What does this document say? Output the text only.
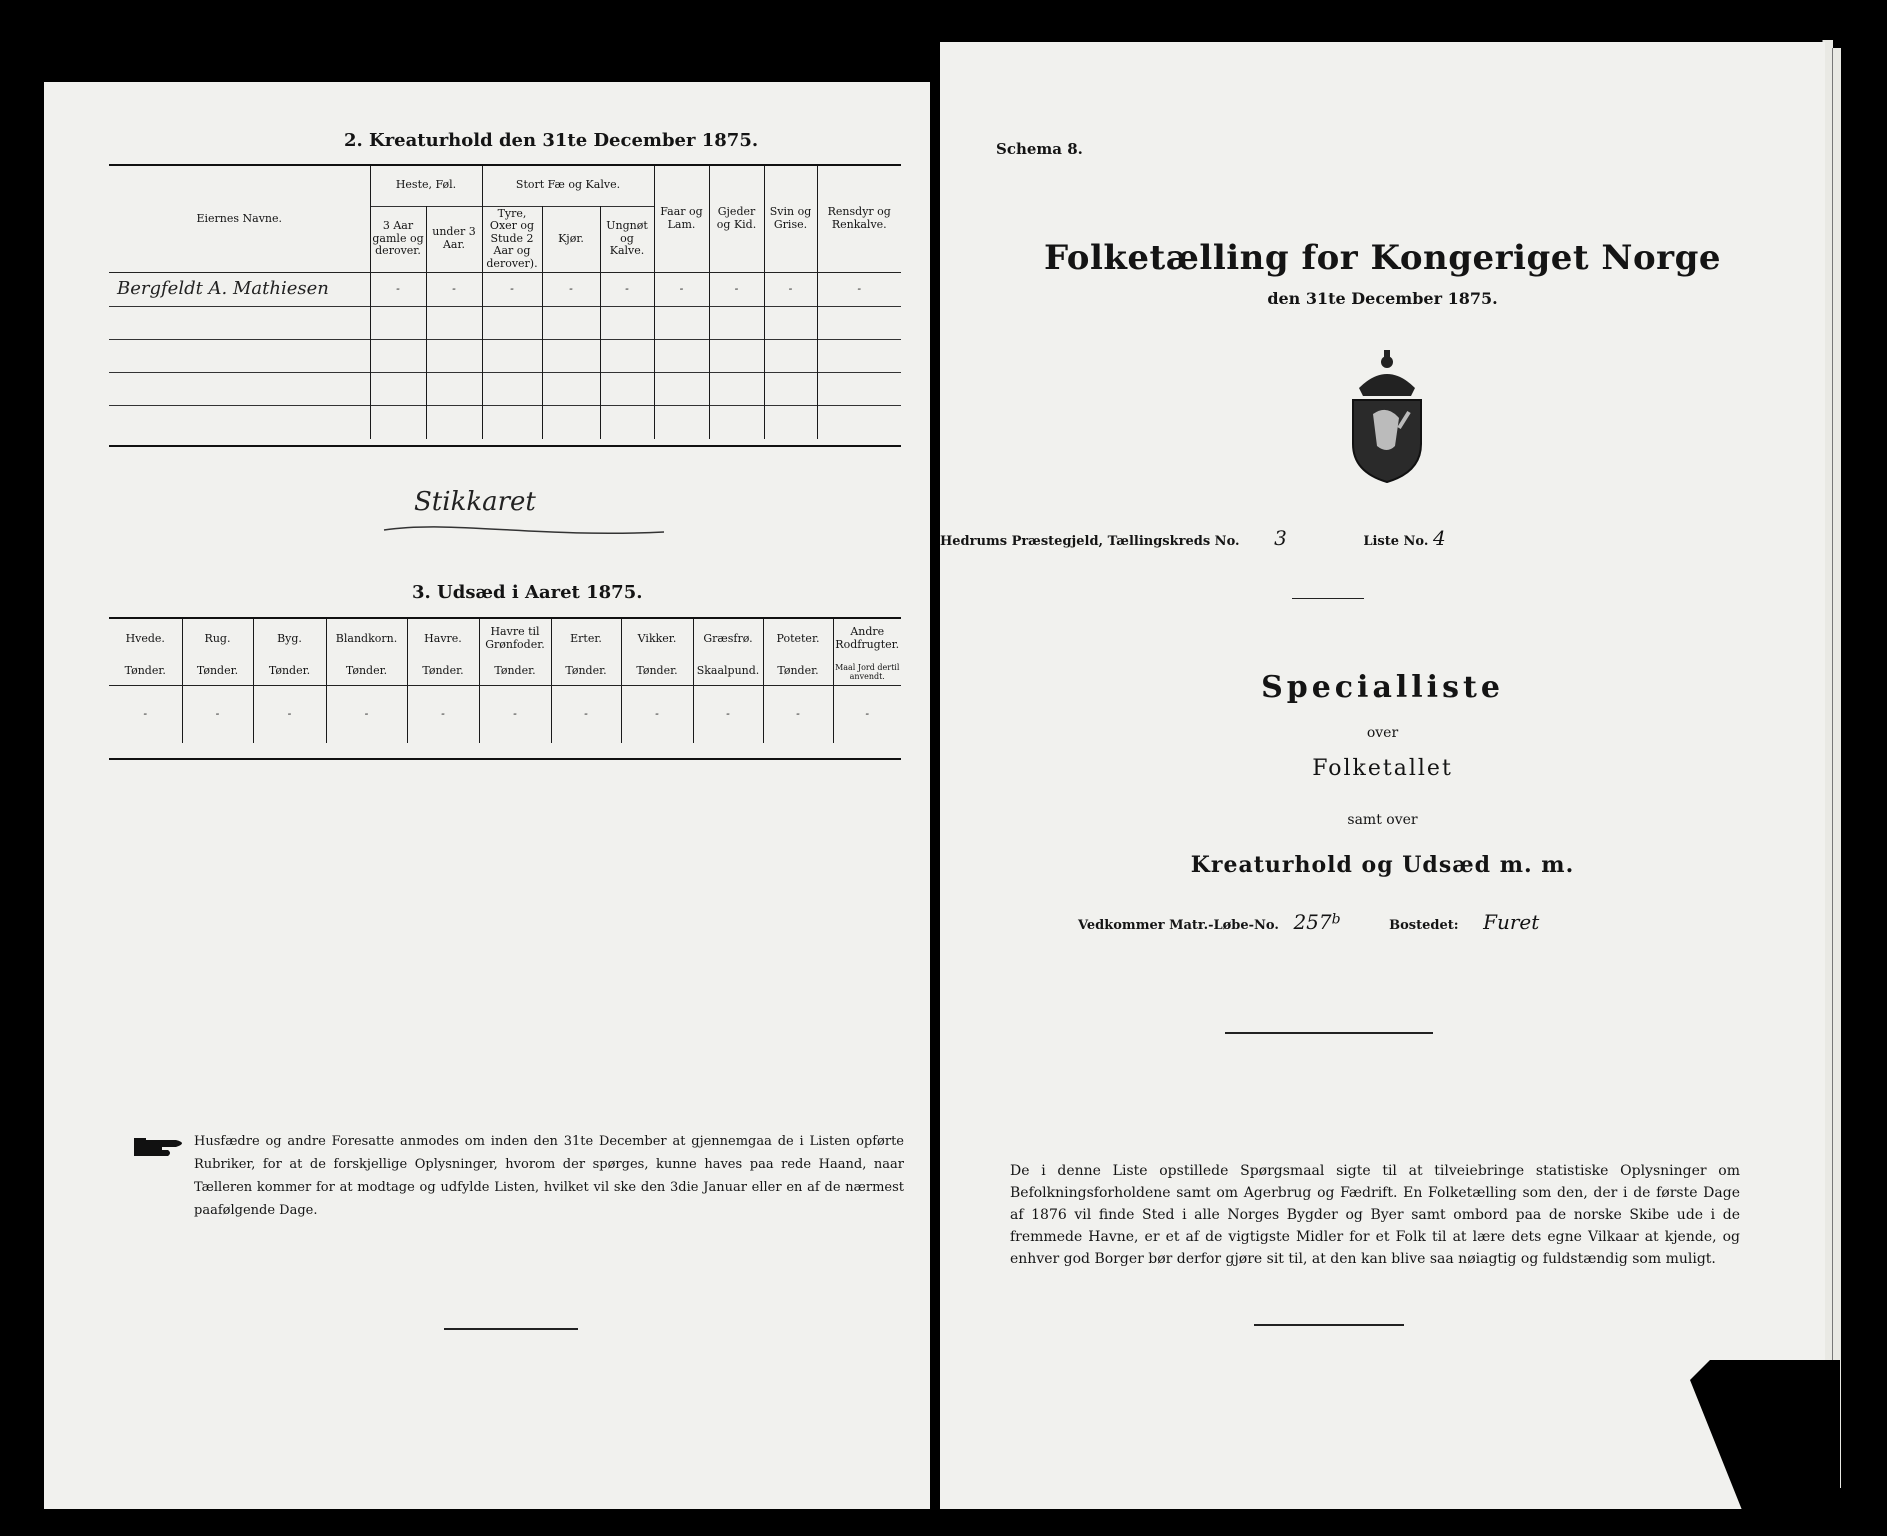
2. Kreaturhold den 31te December 1875.
Eiernes Navne.	Heste, Føl.		Stort Fæ og Kalve.			Faar og Lam.	Gjeder og Kid.	Svin og Grise.	Rensdyr og Renkalve.
	3 Aar gamle og derover.	under 3 Aar.	Tyre, Oxer og Stude 2 Aar og derover).	Kjør.	Ungnøt og Kalve.				
Bergfeldt A. Mathiesen	-	-	-	-	-	-	-	-	-

Stikkaret
3. Udsæd i Aaret 1875.
Hvede.	Rug.	Byg.	Blandkorn.	Havre.	Havre til Grønfoder.	Erter.	Vikker.	Græsfrø.	Poteter.	Andre Rodfrugter.
Tønder.	Tønder.	Tønder.	Tønder.	Tønder.	Tønder.	Tønder.	Tønder.	Skaalpund.	Tønder.	Maal Jord dertil anvendt.
-	-	-	-	-	-	-	-	-	-	-
Husfædre og andre Foresatte anmodes om inden den 31te December at gjennemgaa de i Listen opførte Rubriker, for at de forskjellige Oplysninger, hvorom der spørges, kunne haves paa rede Haand, naar Tælleren kommer for at modtage og udfylde Listen, hvilket vil ske den 3die Januar eller en af de nærmest paafølgende Dage.
Schema 8.
Folketælling for Kongeriget Norge
den 31te December 1875.
Hedrums Præstegjeld, Tællingskreds No. 3	Liste No. 4
Specialliste
over
Folketallet
samt over
Kreaturhold og Udsæd m. m.
Vedkommer Matr.-Løbe-No. 257$^b$	Bostedet: Furet
De i denne Liste opstillede Spørgsmaal sigte til at tilveiebringe statistiske Oplysninger om Befolkningsforholdene samt om Agerbrug og Fædrift. En Folketælling som den, der i de første Dage af 1876 vil finde Sted i alle Norges Bygder og Byer samt ombord paa de norske Skibe ude i de fremmede Havne, er et af de vigtigste Midler for et Folk til at lære dets egne Vilkaar at kjende, og enhver god Borger bør derfor gjøre sit til, at den kan blive saa nøiagtig og fuldstændig som muligt.
